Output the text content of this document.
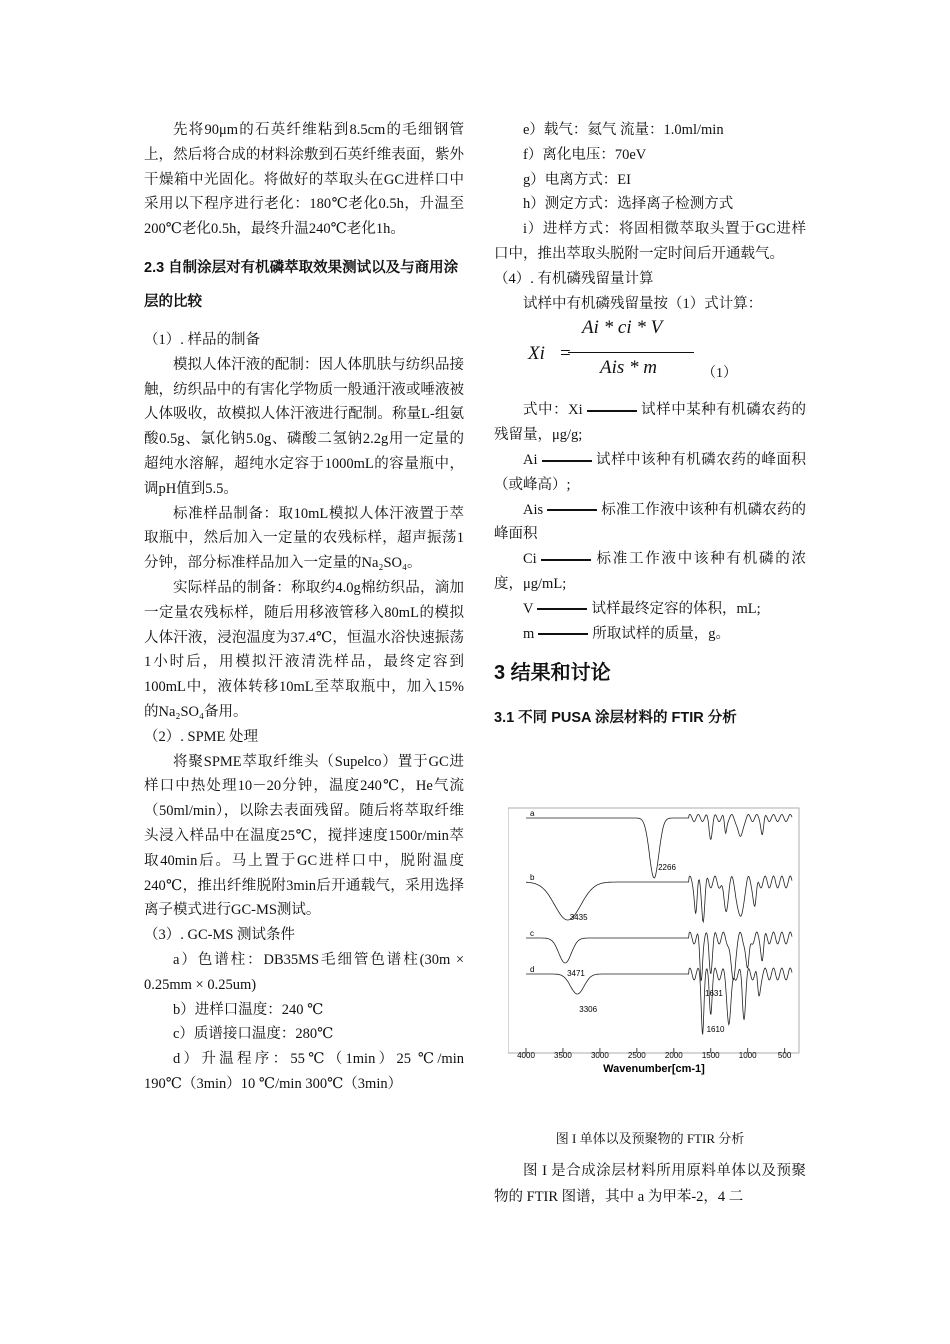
先将90μm的石英纤维粘到8.5cm的毛细钢管上，然后将合成的材料涂敷到石英纤维表面，紫外干燥箱中光固化。将做好的萃取头在GC进样口中采用以下程序进行老化：180℃老化0.5h，升温至200℃老化0.5h，最终升温240℃老化1h。

2.3 自制涂层对有机磷萃取效果测试以及与商用涂层的比较

（1）. 样品的制备

模拟人体汗液的配制：因人体肌肤与纺织品接触，纺织品中的有害化学物质一般通汗液或唾液被人体吸收，故模拟人体汗液进行配制。称量L-组氨酸0.5g、氯化钠5.0g、磷酸二氢钠2.2g用一定量的超纯水溶解，超纯水定容于1000mL的容量瓶中，调pH值到5.5。

标准样品制备：取10mL模拟人体汗液置于萃取瓶中，然后加入一定量的农残标样，超声振荡1分钟，部分标准样品加入一定量的Na₂SO₄。

实际样品的制备：称取约4.0g棉纺织品，滴加一定量农残标样，随后用移液管移入80mL的模拟人体汗液，浸泡温度为37.4℃，恒温水浴快速振荡1小时后，用模拟汗液清洗样品，最终定容到100mL中，液体转移10mL至萃取瓶中，加入15%的Na₂SO₄备用。

（2）. SPME 处理

将聚SPME萃取纤维头（Supelco）置于GC进样口中热处理10－20分钟，温度240℃，He气流（50ml/min），以除去表面残留。随后将萃取纤维头浸入样品中在温度25℃，搅拌速度1500r/min萃取40min后。马上置于GC进样口中，脱附温度240℃，推出纤维脱附3min后开通载气，采用选择离子模式进行GC-MS测试。

（3）. GC-MS 测试条件

a）色谱柱：DB35MS毛细管色谱柱(30m × 0.25mm × 0.25um)

b）进样口温度：240 ℃

c）质谱接口温度：280℃

d）升温程序：55℃（1min）25 ℃/min 190℃（3min）10 ℃/min 300℃（3min）

e）载气：氦气 流量：1.0ml/min

f）离化电压：70eV

g）电离方式：EI

h）测定方式：选择离子检测方式

i）进样方式：将固相微萃取头置于GC进样口中，推出萃取头脱附一定时间后开通载气。

（4）. 有机磷残留量计算

试样中有机磷残留量按（1）式计算：

Xi =
Ai * ci * V
Ais * m	（1）

式中：Xi	试样中某种有机磷农药的残留量，μg/g;

Ai	试样中该种有机磷农药的峰面积（或峰高）;

Ais	标准工作液中该种有机磷农药的峰面积

Ci	标准工作液中该种有机磷的浓度，μg/mL;

V	试样最终定容的体积，mL;

m	所取试样的质量，g。

3 结果和讨论
3.1 不同 PUSA 涂层材料的 FTIR 分析
a
2266
b
3435
c
3471
1631
d
3306
1610
4000 3500 3000 2500 2000 1500 1000	500
Wavenumber[cm-1]
图 I 单体以及预聚物的 FTIR 分析

图 I 是合成涂层材料所用原料单体以及预聚物的 FTIR 图谱，其中 a 为甲苯-2，4 二
